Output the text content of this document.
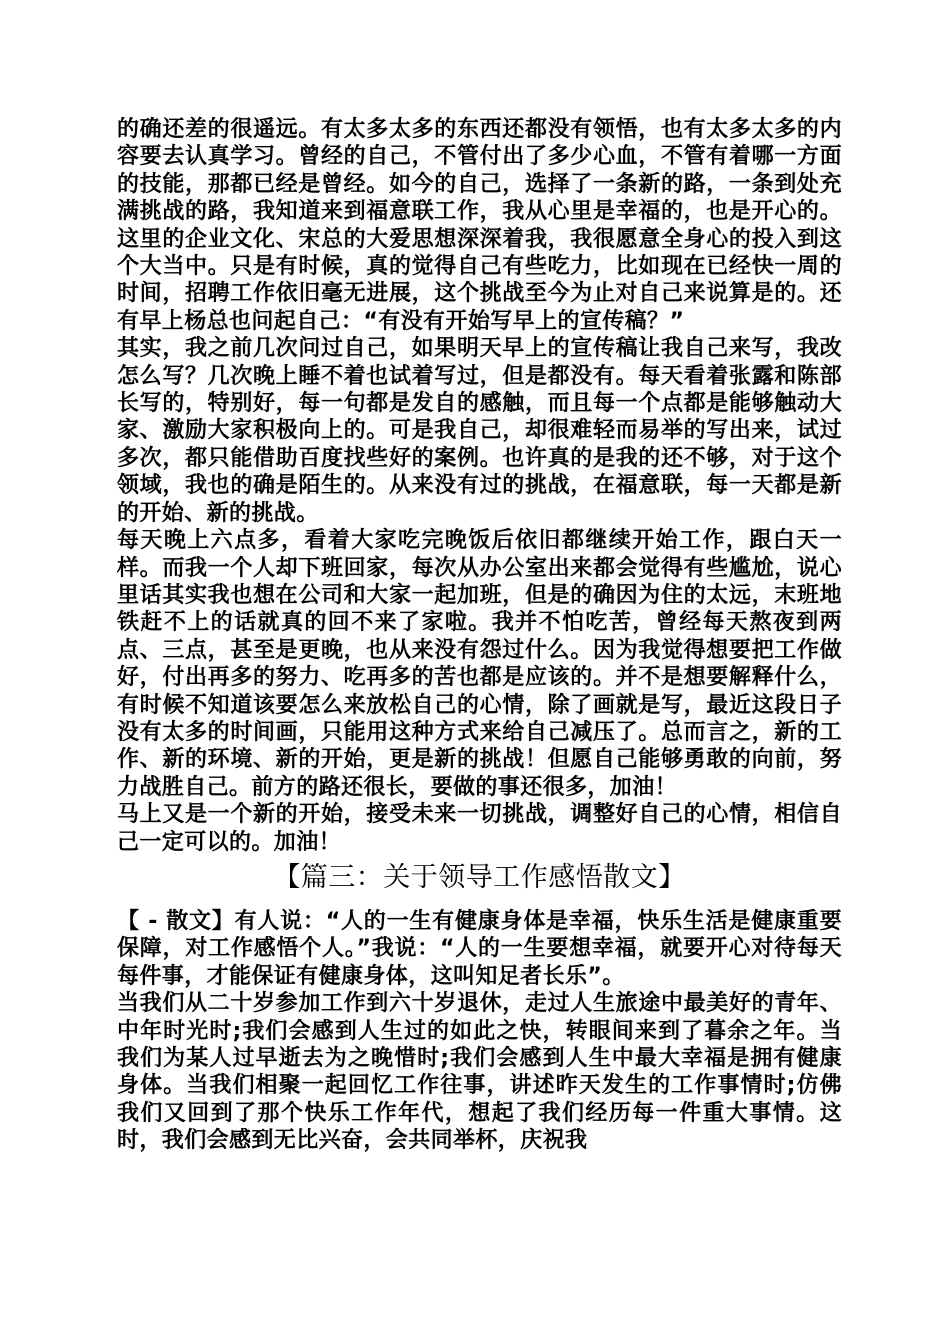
的确还差的很遥远。有太多太多的东西还都没有领悟，也有太多太多的内容要去认真学习。曾经的自己，不管付出了多少心血，不管有着哪一方面的技能，那都已经是曾经。如今的自己，选择了一条新的路，一条到处充满挑战的路，我知道来到福意联工作，我从心里是幸福的，也是开心的。这里的企业文化、宋总的大爱思想深深着我，我很愿意全身心的投入到这个大当中。只是有时候，真的觉得自己有些吃力，比如现在已经快一周的时间，招聘工作依旧毫无进展，这个挑战至今为止对自己来说算是的。还有早上杨总也问起自己：“有没有开始写早上的宣传稿？”

其实，我之前几次问过自己，如果明天早上的宣传稿让我自己来写，我改怎么写？几次晚上睡不着也试着写过，但是都没有。每天看着张露和陈部长写的，特别好，每一句都是发自的感触，而且每一个点都是能够触动大家、激励大家积极向上的。可是我自己，却很难轻而易举的写出来，试过多次，都只能借助百度找些好的案例。也许真的是我的还不够，对于这个领域，我也的确是陌生的。从来没有过的挑战，在福意联，每一天都是新的开始、新的挑战。

每天晚上六点多，看着大家吃完晚饭后依旧都继续开始工作，跟白天一样。而我一个人却下班回家，每次从办公室出来都会觉得有些尴尬，说心里话其实我也想在公司和大家一起加班，但是的确因为住的太远，末班地铁赶不上的话就真的回不来了家啦。我并不怕吃苦，曾经每天熬夜到两点、三点，甚至是更晚，也从来没有怨过什么。因为我觉得想要把工作做好，付出再多的努力、吃再多的苦也都是应该的。并不是想要解释什么，有时候不知道该要怎么来放松自己的心情，除了画就是写，最近这段日子没有太多的时间画，只能用这种方式来给自己减压了。总而言之，新的工作、新的环境、新的开始，更是新的挑战！但愿自己能够勇敢的向前，努力战胜自己。前方的路还很长，要做的事还很多，加油！

马上又是一个新的开始，接受未来一切挑战，调整好自己的心情，相信自己一定可以的。加油！

【篇三：关于领导工作感悟散文】

【 - 散文】有人说：“人的一生有健康身体是幸福，快乐生活是健康重要保障，对工作感悟个人。”我说：“人的一生要想幸福，就要开心对待每天每件事，才能保证有健康身体，这叫知足者长乐”。

当我们从二十岁参加工作到六十岁退休，走过人生旅途中最美好的青年、中年时光时;我们会感到人生过的如此之快，转眼间来到了暮余之年。当我们为某人过早逝去为之晚惜时;我们会感到人生中最大幸福是拥有健康身体。当我们相聚一起回忆工作往事，讲述昨天发生的工作事情时;仿佛我们又回到了那个快乐工作年代，想起了我们经历每一件重大事情。这时，我们会感到无比兴奋，会共同举杯，庆祝我
